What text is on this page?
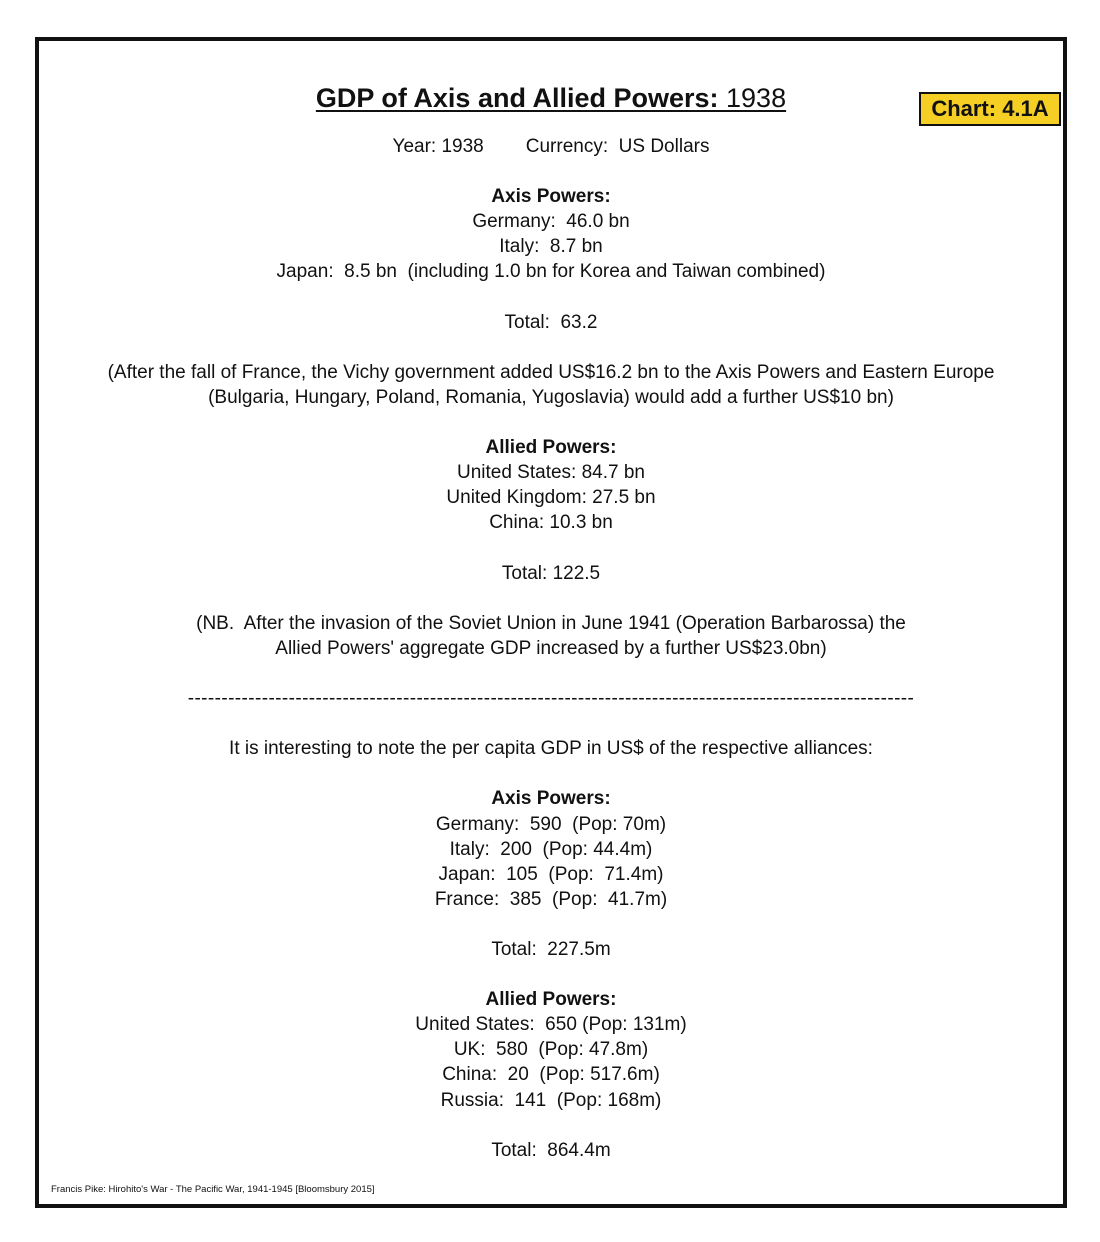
GDP of Axis and Allied Powers: 1938	Chart: 4.1A
Year: 1938 Currency:  US Dollars
Axis Powers:
Germany:  46.0 bn
Italy:  8.7 bn
Japan:  8.5 bn  (including 1.0 bn for Korea and Taiwan combined)
Total:  63.2
(After the fall of France, the Vichy government added US$16.2 bn to the Axis Powers and Eastern Europe
(Bulgaria, Hungary, Poland, Romania, Yugoslavia) would add a further US$10 bn)
Allied Powers:
United States: 84.7 bn
United Kingdom: 27.5 bn
China: 10.3 bn
Total: 122.5
(NB.  After the invasion of the Soviet Union in June 1941 (Operation Barbarossa) the
Allied Powers' aggregate GDP increased by a further US$23.0bn)
------------------------------------------------------------------------------------------------------------
It is interesting to note the per capita GDP in US$ of the respective alliances:
Axis Powers:
Germany:  590  (Pop: 70m)
Italy:  200  (Pop: 44.4m)
Japan:  105  (Pop:  71.4m)
France:  385  (Pop:  41.7m)
Total:  227.5m
Allied Powers:
United States:  650 (Pop: 131m)
UK:  580  (Pop: 47.8m)
China:  20  (Pop: 517.6m)
Russia:  141  (Pop: 168m)
Total:  864.4m
Francis Pike: Hirohito's War - The Pacific War, 1941-1945 [Bloomsbury 2015]
